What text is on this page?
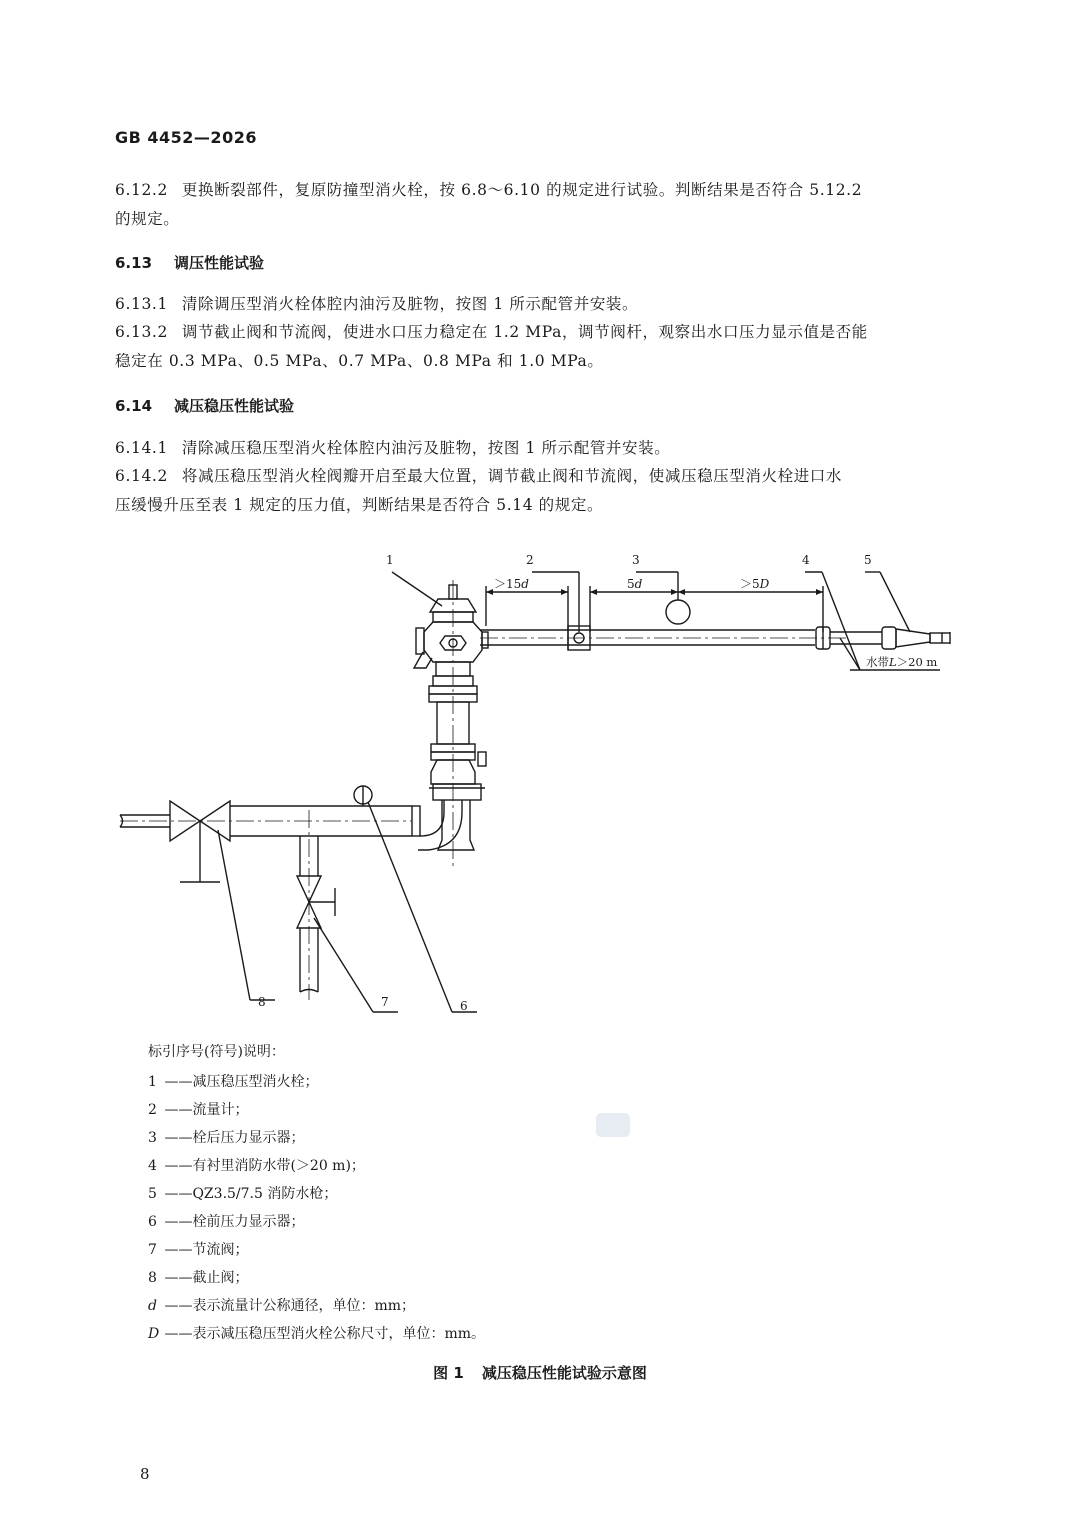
GB 4452—2026
6.12.2 更换断裂部件，复原防撞型消火栓，按 6.8～6.10 的规定进行试验。判断结果是否符合 5.12.2
的规定。
6.13 调压性能试验
6.13.1 清除调压型消火栓体腔内油污及脏物，按图 1 所示配管并安装。
6.13.2 调节截止阀和节流阀，使进水口压力稳定在 1.2 MPa，调节阀杆，观察出水口压力显示值是否能
稳定在 0.3 MPa、0.5 MPa、0.7 MPa、0.8 MPa 和 1.0 MPa。
6.14 减压稳压性能试验
6.14.1 清除减压稳压型消火栓体腔内油污及脏物，按图 1 所示配管并安装。
6.14.2 将减压稳压型消火栓阀瓣开启至最大位置，调节截止阀和节流阀，使减压稳压型消火栓进口水
压缓慢升压至表 1 规定的压力值，判断结果是否符合 5.14 的规定。
1	2	3	4	5
6
7
8
＞15d	5d	＞5D
水带L＞20 m
标引序号(符号)说明：
1 ——减压稳压型消火栓；
2 ——流量计；
3 ——栓后压力显示器；
4 ——有衬里消防水带(＞20 m)；
5 ——QZ3.5/7.5 消防水枪；
6 ——栓前压力显示器；
7 ——节流阀；
8 ——截止阀；
d ——表示流量计公称通径，单位：mm；
D ——表示减压稳压型消火栓公称尺寸，单位：mm。
图 1 减压稳压性能试验示意图
8
